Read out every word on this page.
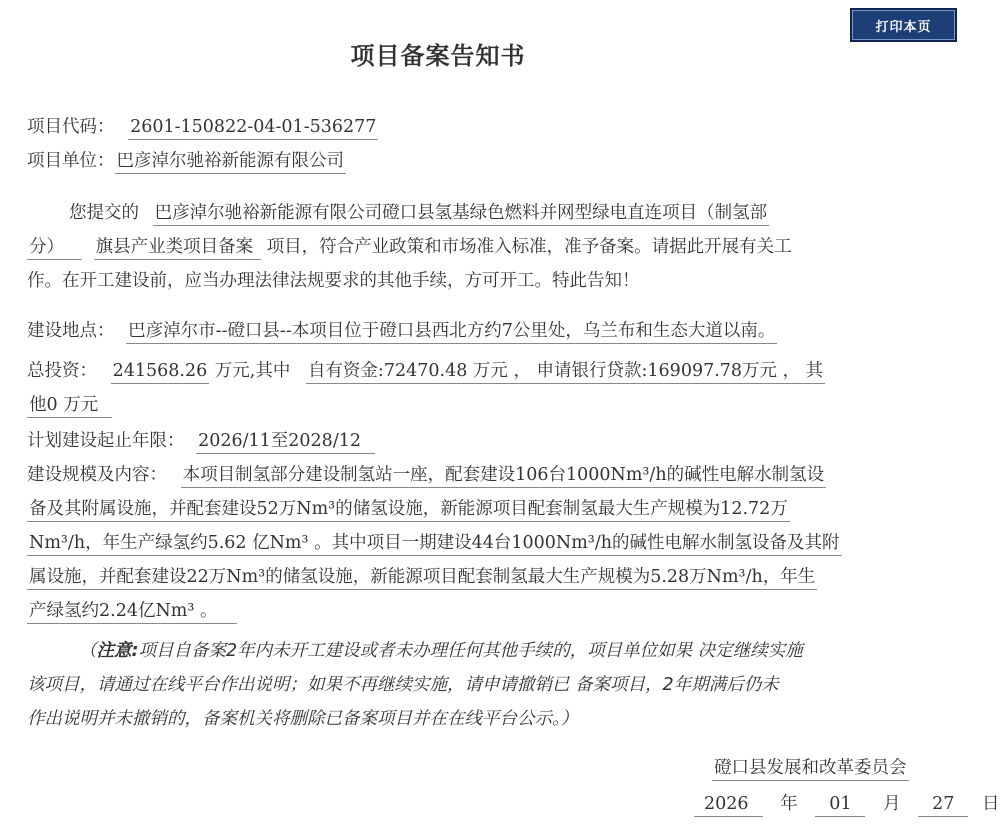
打印本页
项目备案告知书
项目代码： 2601-150822-04-01-536277
项目单位： 巴彦淖尔驰裕新能源有限公司
您提交的 巴彦淖尔驰裕新能源有限公司磴口县氢基绿色燃料并网型绿电直连项目（制氢部
分） 旗县产业类项目备案 项目，符合产业政策和市场准入标准，准予备案。请据此开展有关工
作。在开工建设前，应当办理法律法规要求的其他手续，方可开工。特此告知！
建设地点： 巴彦淖尔市--磴口县--本项目位于磴口县西北方约7公里处，乌兰布和生态大道以南。
总投资： 241568.26 万元,其中 自有资金:72470.48 万元 ， 申请银行贷款:169097.78万元 ， 其
他0 万元
计划建设起止年限： 2026/11至2028/12
建设规模及内容： 本项目制氢部分建设制氢站一座，配套建设106台1000Nm³/h的碱性电解水制氢设
备及其附属设施，并配套建设52万Nm³的储氢设施，新能源项目配套制氢最大生产规模为12.72万
Nm³/h，年生产绿氢约5.62 亿Nm³ 。其中项目一期建设44台1000Nm³/h的碱性电解水制氢设备及其附
属设施，并配套建设22万Nm³的储氢设施，新能源项目配套制氢最大生产规模为5.28万Nm³/h，年生
产绿氢约2.24亿Nm³ 。
（注意:项目自备案2年内未开工建设或者未办理任何其他手续的，项目单位如果 决定继续实施
该项目，请通过在线平台作出说明；如果不再继续实施，请申请撤销已 备案项目，2年期满后仍未
作出说明并未撤销的，备案机关将删除已备案项目并在在线平台公示。）
磴口县发展和改革委员会
2026 年 01 月 27 日
